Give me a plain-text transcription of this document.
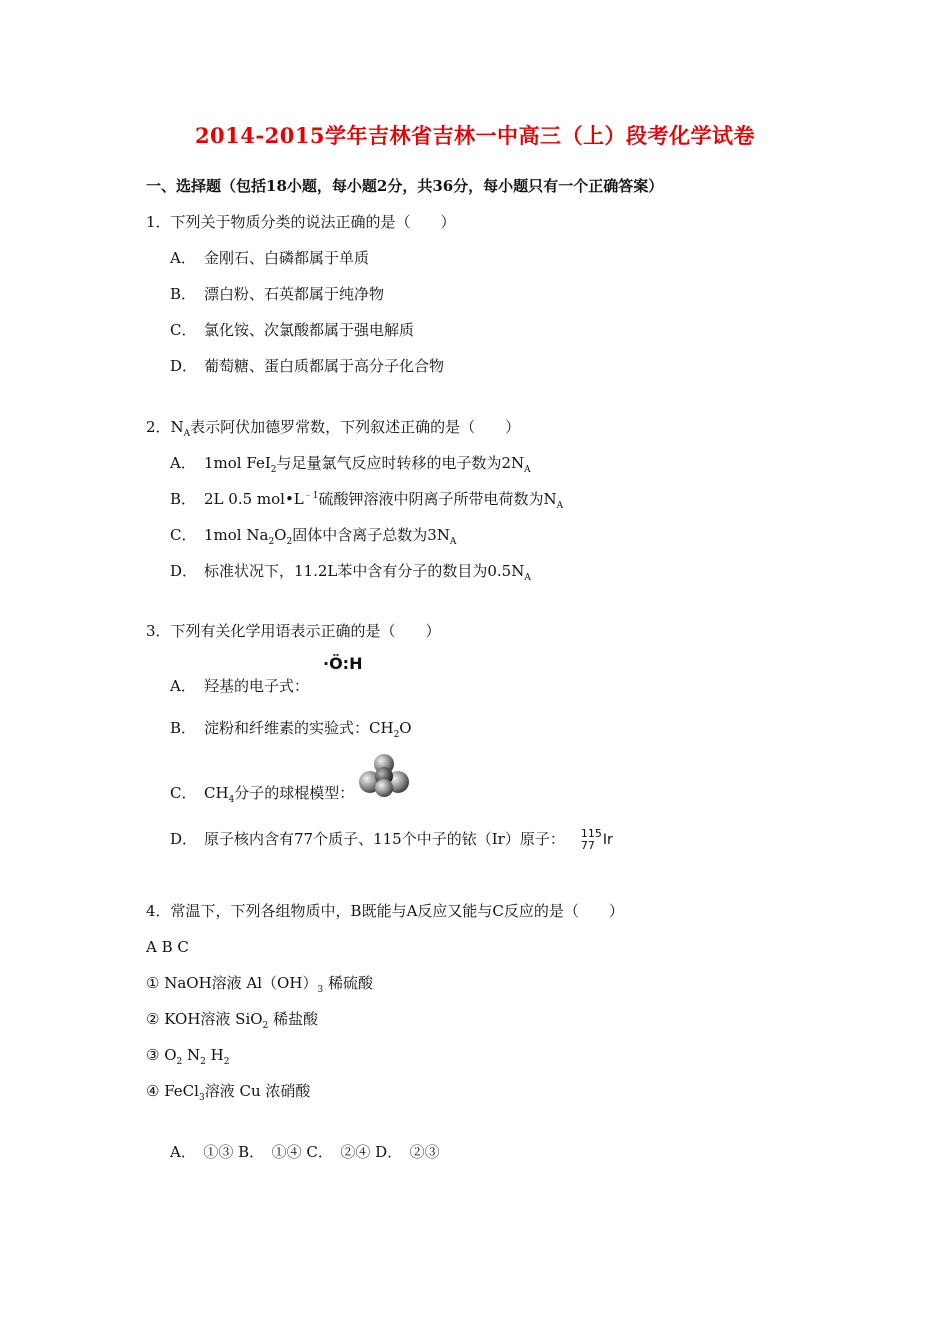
2014-2015学年吉林省吉林一中高三（上）段考化学试卷
一、选择题（包括18小题，每小题2分，共36分，每小题只有一个正确答案）
1．下列关于物质分类的说法正确的是（　　）
A． 金刚石、白磷都属于单质
B． 漂白粉、石英都属于纯净物
C． 氯化铵、次氯酸都属于强电解质
D． 葡萄糖、蛋白质都属于高分子化合物
2．$N_A$表示阿伏加德罗常数，下列叙述正确的是（　　）
A． 1mol FeI$_2$与足量氯气反应时转移的电子数为$2N_A$
B． 2L 0.5 $mol•L^{﹣1}$硫酸钾溶液中阴离子所带电荷数为$N_A$
C． 1mol $Na_2O_2$固体中含离子总数为$3N_A$
D． 标准状况下，11.2L苯中含有分子的数目为$0.5N_A$
3．下列有关化学用语表示正确的是（　　）
A． 羟基的电子式：
·Ö:H
B． 淀粉和纤维素的实验式：$CH_2O$
C． $CH_4$分子的球棍模型：
D． 原子核内含有77个质子、115个中子的铱（Ir）原子： 115
77 Ir
4．常温下，下列各组物质中，B既能与A反应又能与C反应的是（　　）
A B C
① NaOH溶液 $Al(OH)_3$ 稀硫酸
② KOH溶液 SiO$_2$ 稀盐酸
③ $O_2$ $N_2$ $H_2$
④ FeCl$_3$溶液 Cu 浓硝酸
A．　①③ B．　①④ C．　②④ D．　②③
